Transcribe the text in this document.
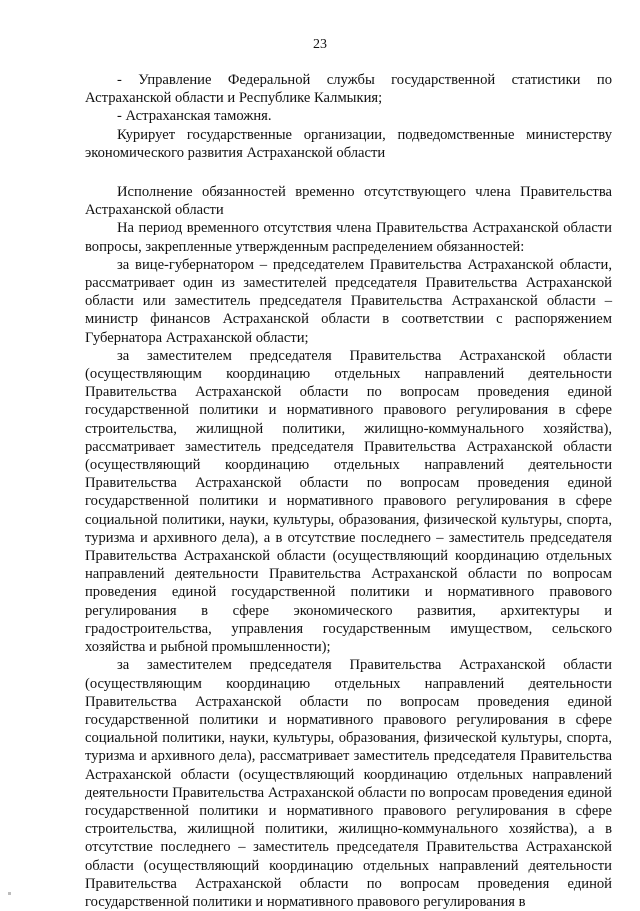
23

- Управление Федеральной службы государственной статистики по Астраханской области и Республике Калмыкия;

- Астраханская таможня.

Курирует государственные организации, подведомственные министерству экономического развития Астраханской области

Исполнение обязанностей временно отсутствующего члена Правительства Астраханской области

На период временного отсутствия члена Правительства Астраханской области вопросы, закрепленные утвержденным распределением обязанностей:

за вице-губернатором – председателем Правительства Астраханской области, рассматривает один из заместителей председателя Правительства Астраханской области или заместитель председателя Правительства Астраханской области – министр финансов Астраханской области в соответствии с распоряжением Губернатора Астраханской области;

за заместителем председателя Правительства Астраханской области (осуществляющим координацию отдельных направлений деятельности Правительства Астраханской области по вопросам проведения единой государственной политики и нормативного правового регулирования в сфере строительства, жилищной политики, жилищно-коммунального хозяйства), рассматривает заместитель председателя Правительства Астраханской области (осуществляющий координацию отдельных направлений деятельности Правительства Астраханской области по вопросам проведения единой государственной политики и нормативного правового регулирования в сфере социальной политики, науки, культуры, образования, физической культуры, спорта, туризма и архивного дела), а в отсутствие последнего – заместитель председателя Правительства Астраханской области (осуществляющий координацию отдельных направлений деятельности Правительства Астраханской области по вопросам проведения единой государственной политики и нормативного правового регулирования в сфере экономического развития, архитектуры и градостроительства, управления государственным имуществом, сельского хозяйства и рыбной промышленности);

за заместителем председателя Правительства Астраханской области (осуществляющим координацию отдельных направлений деятельности Правительства Астраханской области по вопросам проведения единой государственной политики и нормативного правового регулирования в сфере социальной политики, науки, культуры, образования, физической культуры, спорта, туризма и архивного дела), рассматривает заместитель председателя Правительства Астраханской области (осуществляющий координацию отдельных направлений деятельности Правительства Астраханской области по вопросам проведения единой государственной политики и нормативного правового регулирования в сфере строительства, жилищной политики, жилищно-коммунального хозяйства), а в отсутствие последнего – заместитель председателя Правительства Астраханской области (осуществляющий координацию отдельных направлений деятельности Правительства Астраханской области по вопросам проведения единой государственной политики и нормативного правового регулирования в
